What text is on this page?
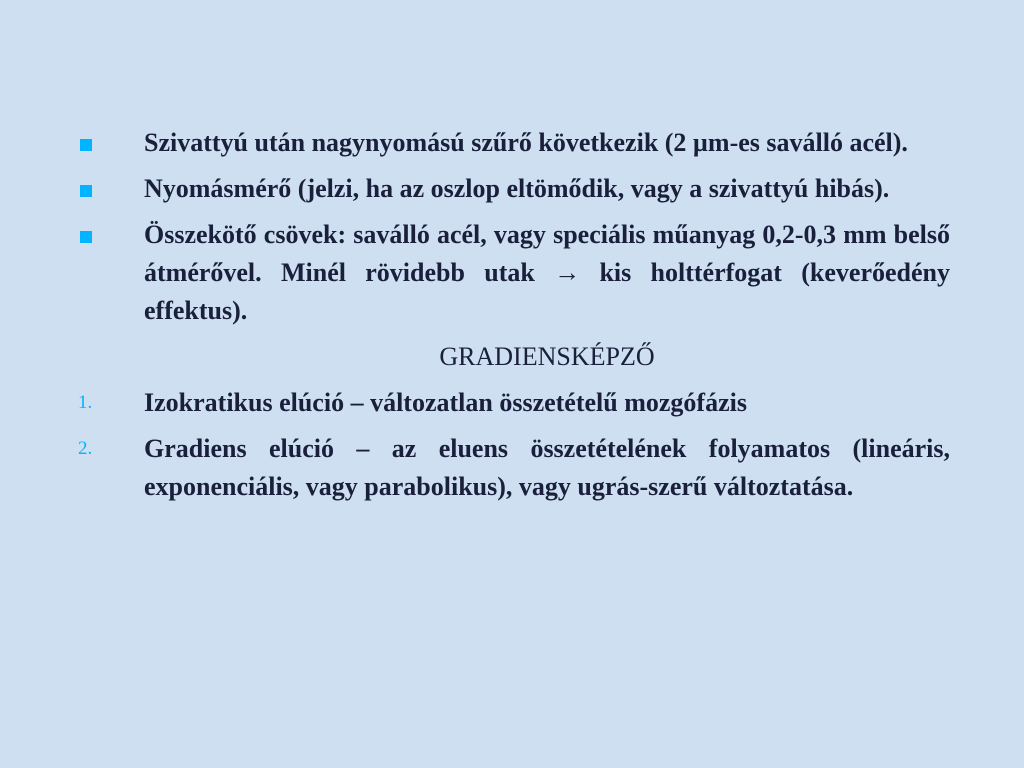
Szivattyú után nagynyomású szűrő következik (2 µm-es saválló acél).
Nyomásmérő (jelzi, ha az oszlop eltömődik, vagy a szivattyú hibás).
Összekötő csövek: saválló acél, vagy speciális műanyag 0,2-0,3 mm belső átmérővel. Minél rövidebb utak → kis holttérfogat (keverőedény effektus).
GRADIENSKÉPZŐ
1.	Izokratikus elúció – változatlan összetételű mozgófázis
2.	Gradiens elúció – az eluens összetételének folyamatos (lineáris, exponenciális, vagy parabolikus), vagy ugrás-szerű változtatása.
